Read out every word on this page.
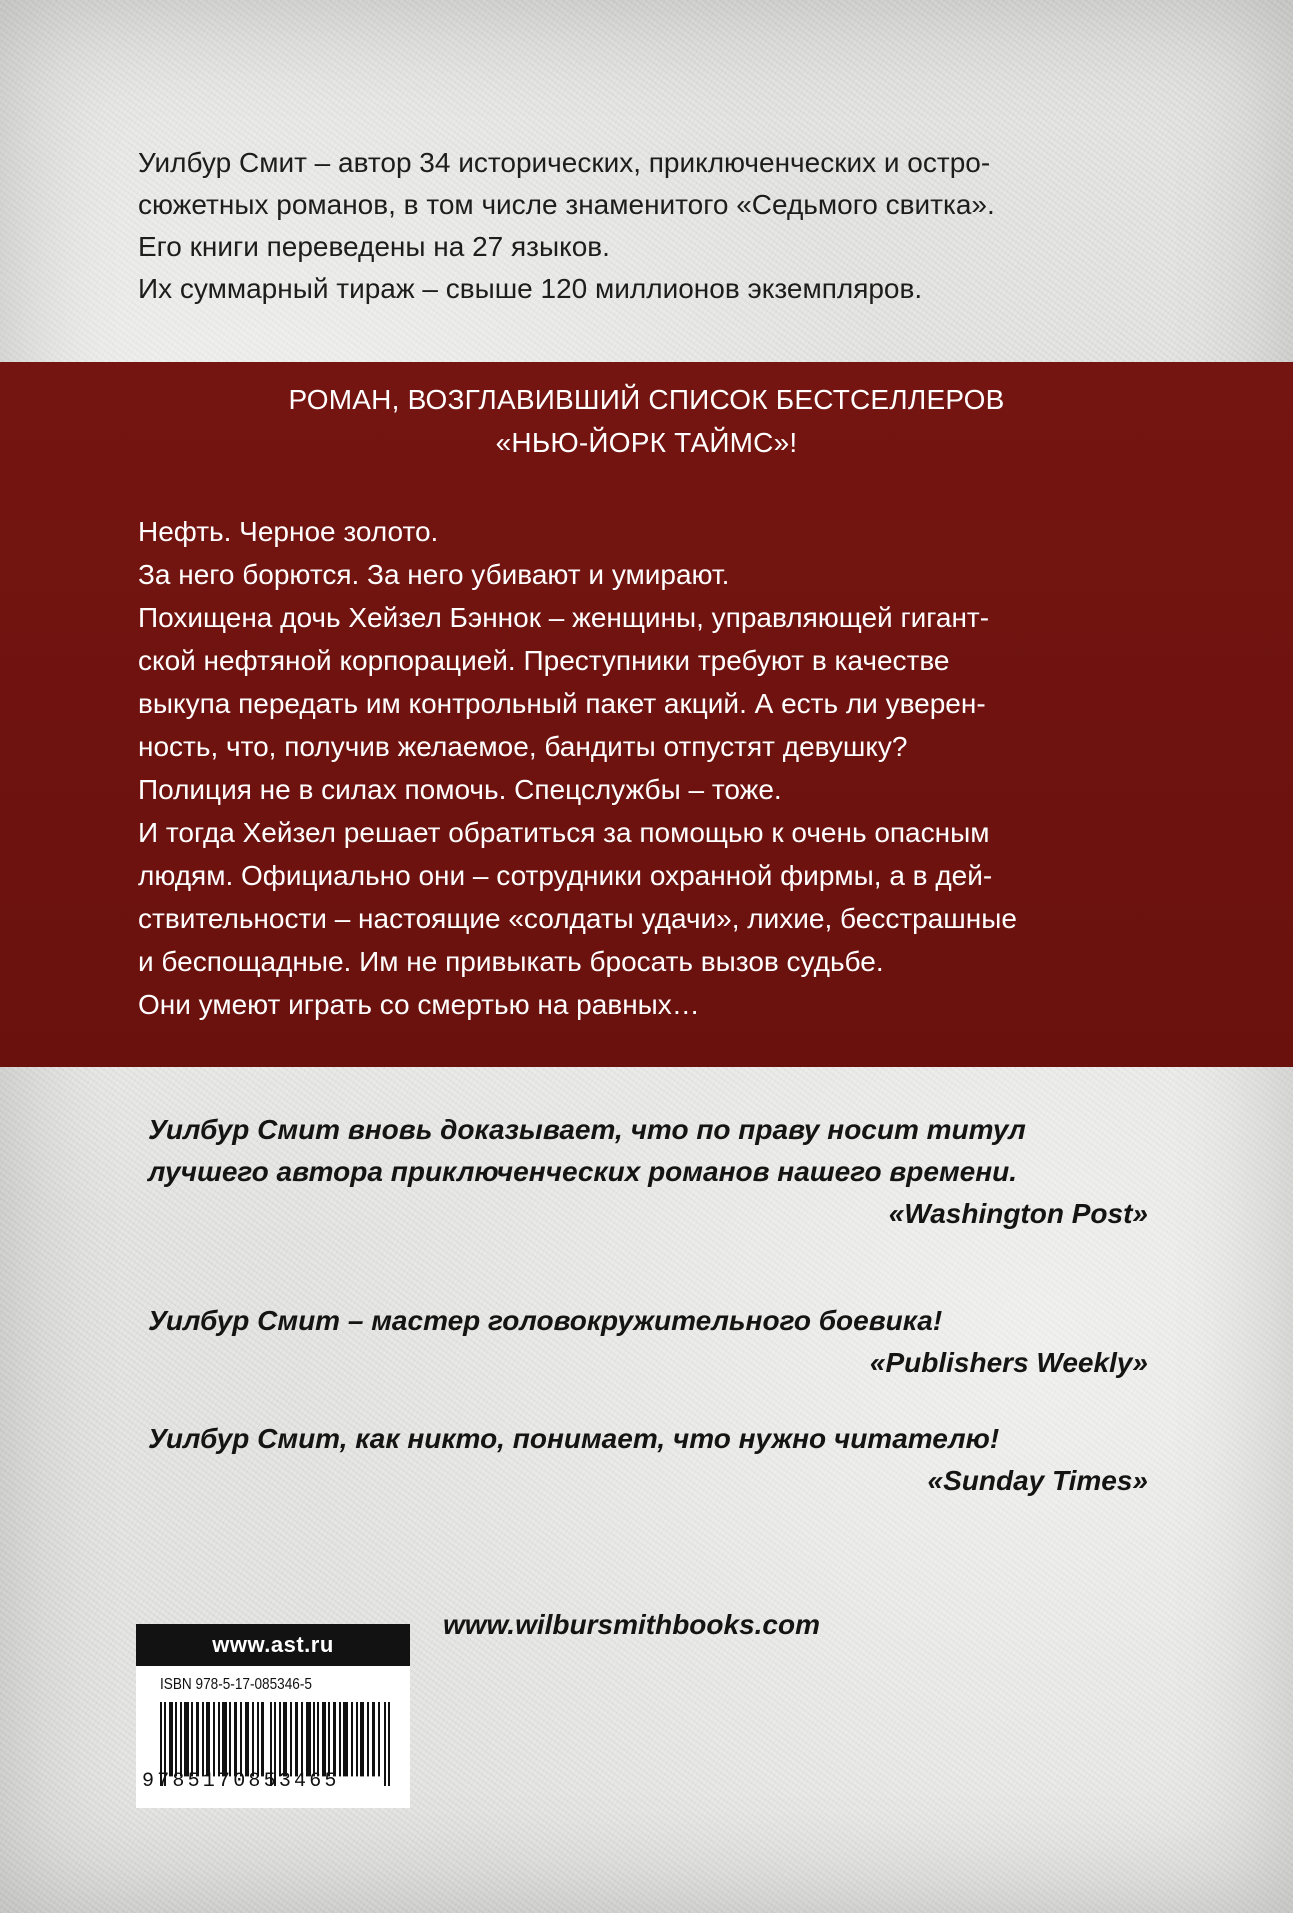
Уилбур Смит – автор 34 исторических, приключенческих и остро-

сюжетных романов, в том числе знаменитого «Седьмого свитка».

Его книги переведены на 27 языков.

Их суммарный тираж – свыше 120 миллионов экземпляров.

РОМАН, ВОЗГЛАВИВШИЙ СПИСОК БЕСТСЕЛЛЕРОВ
«НЬЮ-ЙОРК ТАЙМС»!

Нефть. Черное золото.

За него борются. За него убивают и умирают.

Похищена дочь Хейзел Бэннок – женщины, управляющей гигант-

ской нефтяной корпорацией. Преступники требуют в качестве

выкупа передать им контрольный пакет акций. А есть ли уверен-

ность, что, получив желаемое, бандиты отпустят девушку?

Полиция не в силах помочь. Спецслужбы – тоже.

И тогда Хейзел решает обратиться за помощью к очень опасным

людям. Официально они – сотрудники охранной фирмы, а в дей-

ствительности – настоящие «солдаты удачи», лихие, бесстрашные

и беспощадные. Им не привыкать бросать вызов судьбе.

Они умеют играть со смертью на равных…

Уилбур Смит вновь доказывает, что по праву носит титул

лучшего автора приключенческих романов нашего времени.

«Washington Post»

Уилбур Смит – мастер головокружительного боевика!

«Publishers Weekly»

Уилбур Смит, как никто, понимает, что нужно читателю!

«Sunday Times»
www.ast.ru
www.wilbursmithbooks.com
ISBN 978-5-17-085346-5
9785170853465
